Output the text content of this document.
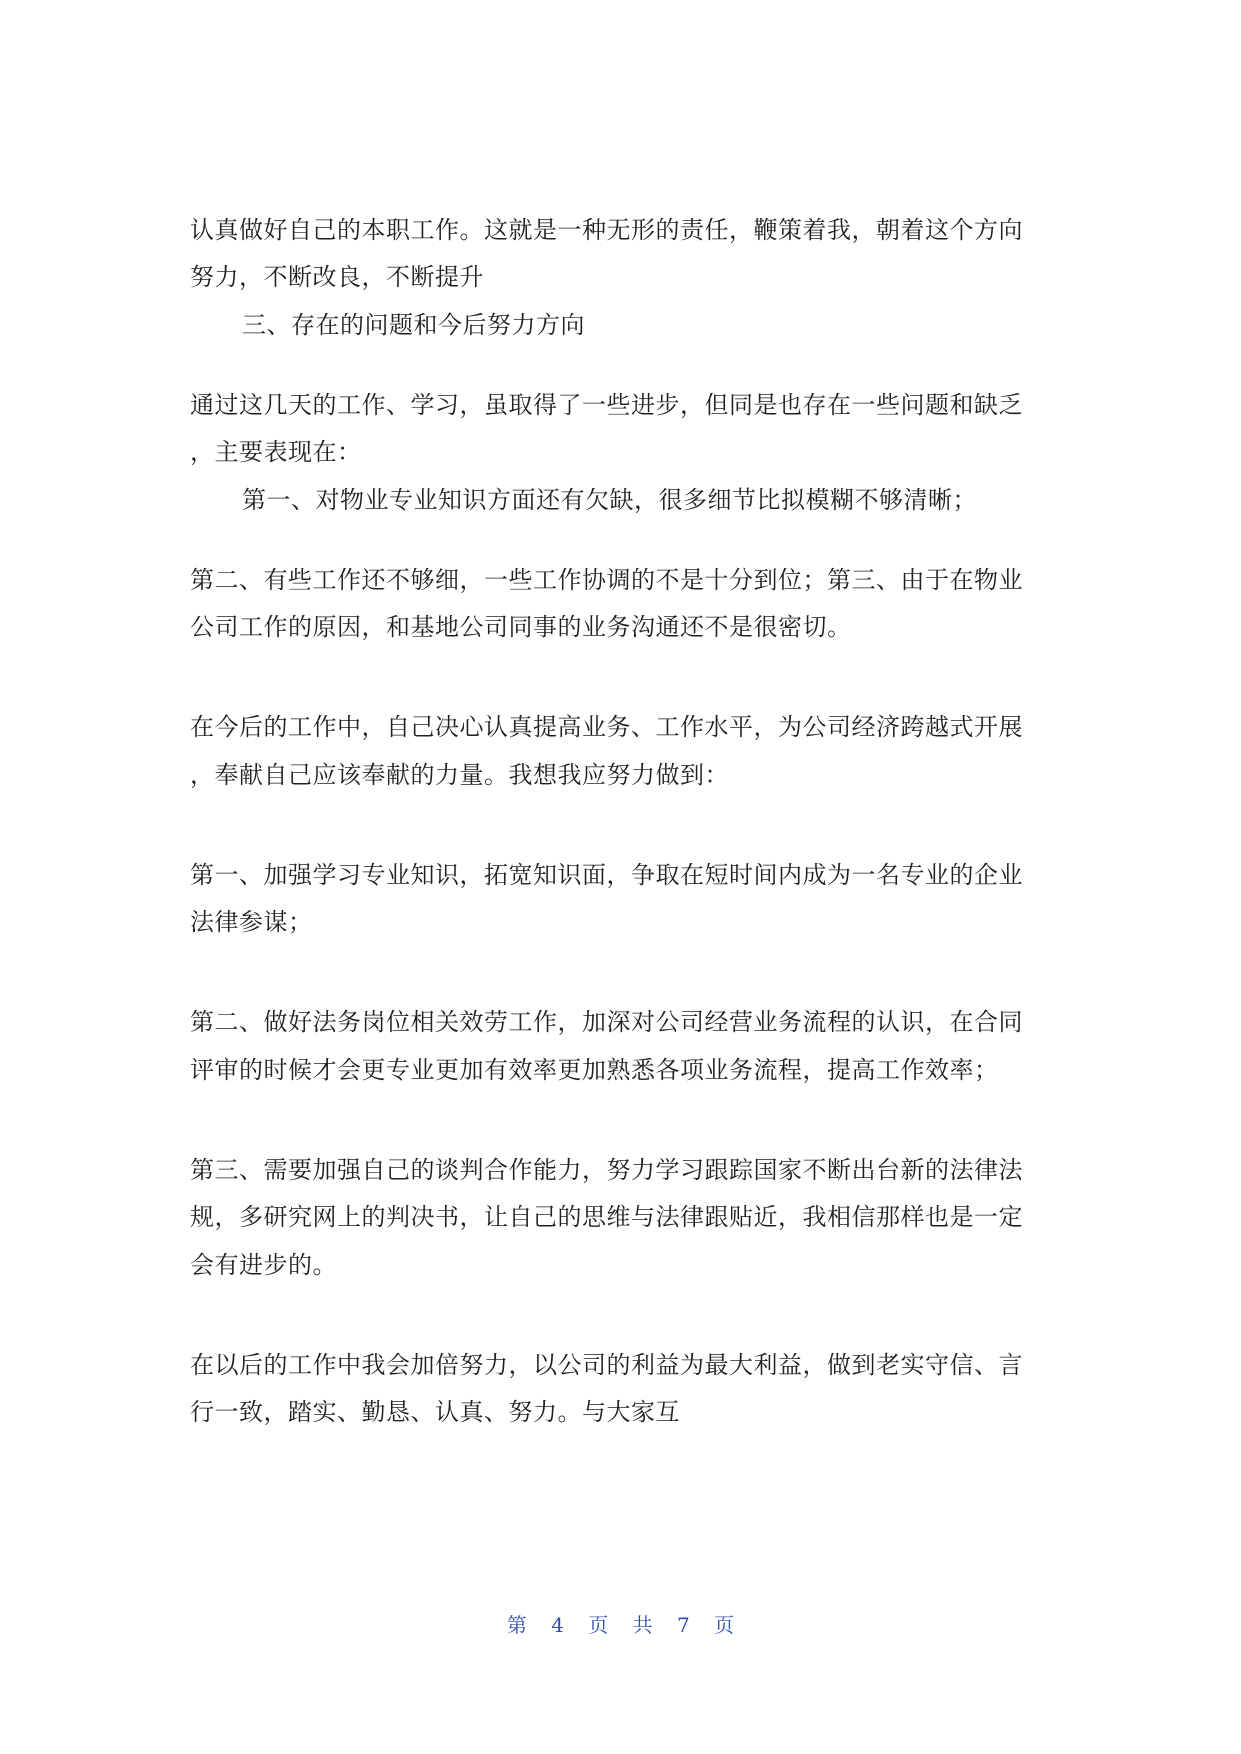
认真做好自己的本职工作。这就是一种无形的责任，鞭策着我，朝着这个方向
努力，不断改良，不断提升
三、存在的问题和今后努力方向
通过这几天的工作、学习，虽取得了一些进步，但同是也存在一些问题和缺乏
，主要表现在：
第一、对物业专业知识方面还有欠缺，很多细节比拟模糊不够清晰；
第二、有些工作还不够细，一些工作协调的不是十分到位；第三、由于在物业
公司工作的原因，和基地公司同事的业务沟通还不是很密切。
在今后的工作中，自己决心认真提高业务、工作水平，为公司经济跨越式开展
，奉献自己应该奉献的力量。我想我应努力做到：
第一、加强学习专业知识，拓宽知识面，争取在短时间内成为一名专业的企业
法律参谋；
第二、做好法务岗位相关效劳工作，加深对公司经营业务流程的认识，在合同
评审的时候才会更专业更加有效率更加熟悉各项业务流程，提高工作效率；
第三、需要加强自己的谈判合作能力，努力学习跟踪国家不断出台新的法律法
规，多研究网上的判决书，让自己的思维与法律跟贴近，我相信那样也是一定
会有进步的。
在以后的工作中我会加倍努力，以公司的利益为最大利益，做到老实守信、言
行一致，踏实、勤恳、认真、努力。与大家互
第 4 页 共 7 页
